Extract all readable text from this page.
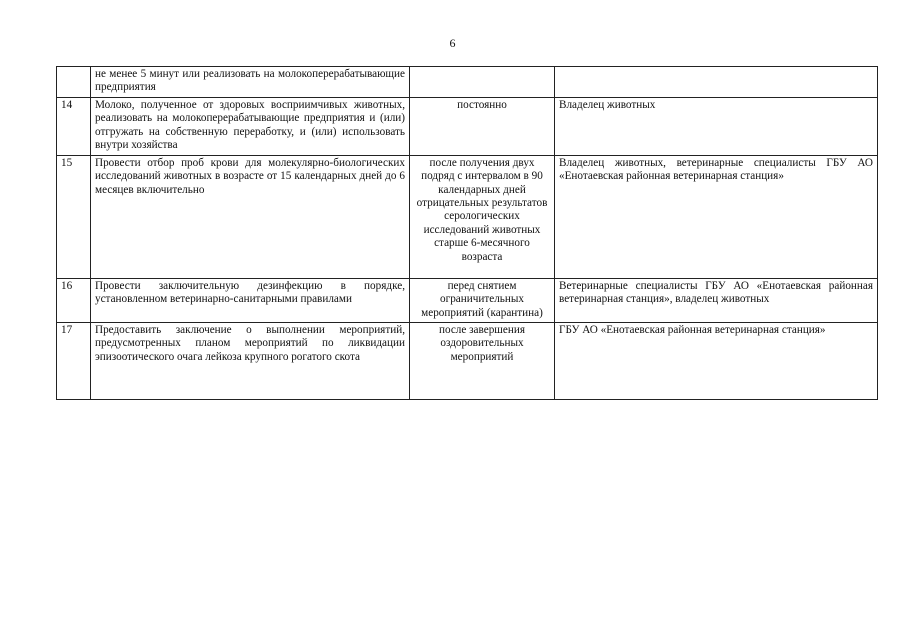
6
	не менее 5 минут или реализовать на молокоперерабатывающие предприятия		
14	Молоко, полученное от здоровых восприимчивых животных, реализовать на молокоперерабатывающие предприятия и (или) отгружать на собственную переработку, и (или) использовать внутри хозяйства	постоянно	Владелец животных
15	Провести отбор проб крови для молекулярно-биологических исследований животных в возрасте от 15 календарных дней до 6 месяцев включительно	после получения двух подряд с интервалом в 90 календарных дней отрицательных результатов серологических исследований животных старше 6-месячного возраста	Владелец животных, ветеринарные специалисты ГБУ АО «Енотаевская районная ветеринарная станция»
16	Провести заключительную дезинфекцию в порядке, установленном ветеринарно-санитарными правилами	перед снятием ограничительных мероприятий (карантина)	Ветеринарные специалисты ГБУ АО «Енотаевская районная ветеринарная станция», владелец животных
17	Предоставить заключение о выполнении мероприятий, предусмотренных планом мероприятий по ликвидации эпизоотического очага лейкоза крупного рогатого скота	после завершения оздоровительных мероприятий	ГБУ АО «Енотаевская районная ветеринарная станция»
